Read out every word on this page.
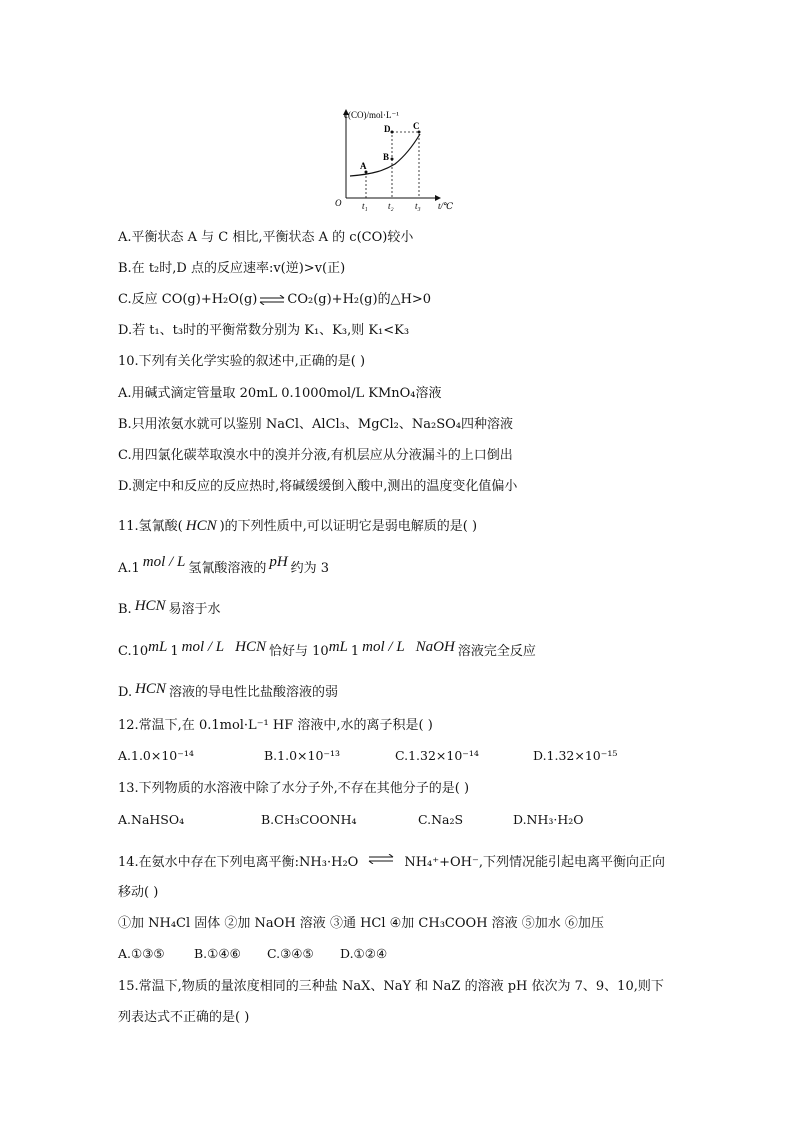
c(CO)/mol·L⁻¹
t/℃
O
A
B
C
D
t₁ t₂ t₃
A.平衡状态 A 与 C 相比,平衡状态 A 的 c(CO)较小
B.在 t₂时,D 点的反应速率:v(逆)>v(正)
C.反应 CO(g)+H₂O(g) ⇌ CO₂(g)+H₂(g)的△H>0
D.若 t₁、t₃时的平衡常数分别为 K₁、K₃,则 K₁<K₃
10.下列有关化学实验的叙述中,正确的是( )
A.用碱式滴定管量取 20mL 0.1000mol/L KMnO₄溶液
B.只用浓氨水就可以鉴别 NaCl、AlCl₃、MgCl₂、Na₂SO₄四种溶液
C.用四氯化碳萃取溴水中的溴并分液,有机层应从分液漏斗的上口倒出
D.测定中和反应的反应热时,将碱缓缓倒入酸中,测出的温度变化值偏小
11.氢氰酸( HCN )的下列性质中,可以证明它是弱电解质的是( )
A.1 mol / L 氢氰酸溶液的 pH 约为 3
B. HCN 易溶于水
C.10mL 1 mol / L HCN 恰好与 10mL 1 mol / L NaOH 溶液完全反应
D. HCN 溶液的导电性比盐酸溶液的弱
12.常温下,在 0.1mol·L⁻¹ HF 溶液中,水的离子积是( )
A.1.0×10⁻¹⁴	B.1.0×10⁻¹³	C.1.32×10⁻¹⁴	D.1.32×10⁻¹⁵
13.下列物质的水溶液中除了水分子外,不存在其他分子的是( )
A.NaHSO₄	B.CH₃COONH₄	C.Na₂S	D.NH₃·H₂O
14.在氨水中存在下列电离平衡:NH₃·H₂O ⇌ NH₄⁺+OH⁻,下列情况能引起电离平衡向正向
移动( )
①加 NH₄Cl 固体 ②加 NaOH 溶液 ③通 HCl ④加 CH₃COOH 溶液 ⑤加水 ⑥加压
A.①③⑤ B.①④⑥ C.③④⑤ D.①②④
15.常温下,物质的量浓度相同的三种盐 NaX、NaY 和 NaZ 的溶液 pH 依次为 7、9、10,则下
列表达式不正确的是( )
